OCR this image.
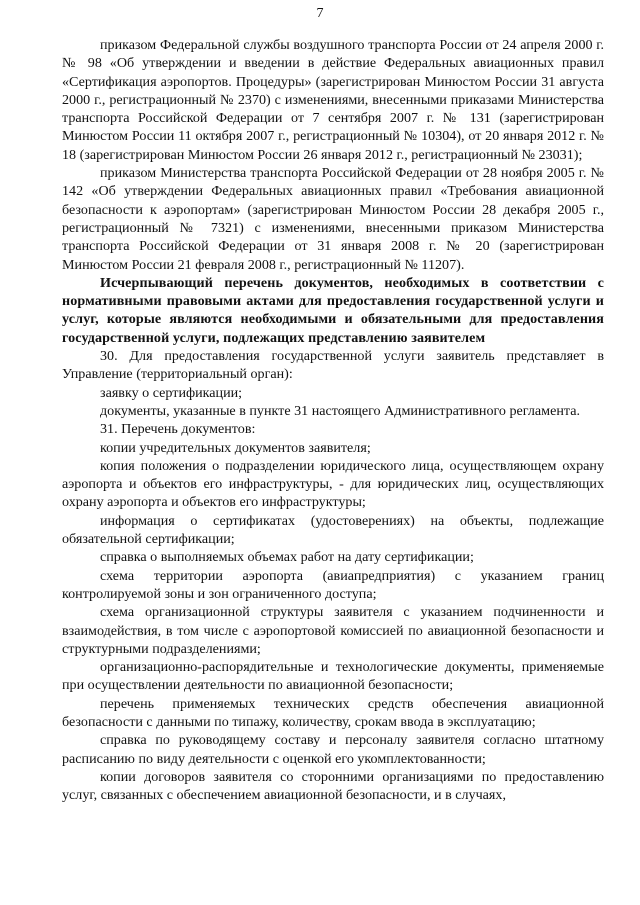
7

приказом Федеральной службы воздушного транспорта России от 24 апреля 2000 г. № 98 «Об утверждении и введении в действие Федеральных авиационных правил «Сертификация аэропортов. Процедуры» (зарегистрирован Минюстом России 31 августа 2000 г., регистрационный № 2370) с изменениями, внесенными приказами Министерства транспорта Российской Федерации от 7 сентября 2007 г. № 131 (зарегистрирован Минюстом России 11 октября 2007 г., регистрационный № 10304), от 20 января 2012 г. № 18 (зарегистрирован Минюстом России 26 января 2012 г., регистрационный № 23031);

приказом Министерства транспорта Российской Федерации от 28 ноября 2005 г. № 142 «Об утверждении Федеральных авиационных правил «Требования авиационной безопасности к аэропортам» (зарегистрирован Минюстом России 28 декабря 2005 г., регистрационный № 7321) с изменениями, внесенными приказом Министерства транспорта Российской Федерации от 31 января 2008 г. № 20 (зарегистрирован Минюстом России 21 февраля 2008 г., регистрационный № 11207).

Исчерпывающий перечень документов, необходимых в соответствии с нормативными правовыми актами для предоставления государственной услуги и услуг, которые являются необходимыми и обязательными для предоставления государственной услуги, подлежащих представлению заявителем

30. Для предоставления государственной услуги заявитель представляет в Управление (территориальный орган):

заявку о сертификации;

документы, указанные в пункте 31 настоящего Административного регламента.

31. Перечень документов:

копии учредительных документов заявителя;

копия положения о подразделении юридического лица, осуществляющем охрану аэропорта и объектов его инфраструктуры, - для юридических лиц, осуществляющих охрану аэропорта и объектов его инфраструктуры;

информация о сертификатах (удостоверениях) на объекты, подлежащие обязательной сертификации;

справка о выполняемых объемах работ на дату сертификации;

схема территории аэропорта (авиапредприятия) с указанием границ контролируемой зоны и зон ограниченного доступа;

схема организационной структуры заявителя с указанием подчиненности и взаимодействия, в том числе с аэропортовой комиссией по авиационной безопасности и структурными подразделениями;

организационно-распорядительные и технологические документы, применяемые при осуществлении деятельности по авиационной безопасности;

перечень применяемых технических средств обеспечения авиационной безопасности с данными по типажу, количеству, срокам ввода в эксплуатацию;

справка по руководящему составу и персоналу заявителя согласно штатному расписанию по виду деятельности с оценкой его укомплектованности;

копии договоров заявителя со сторонними организациями по предоставлению услуг, связанных с обеспечением авиационной безопасности, и в случаях,
